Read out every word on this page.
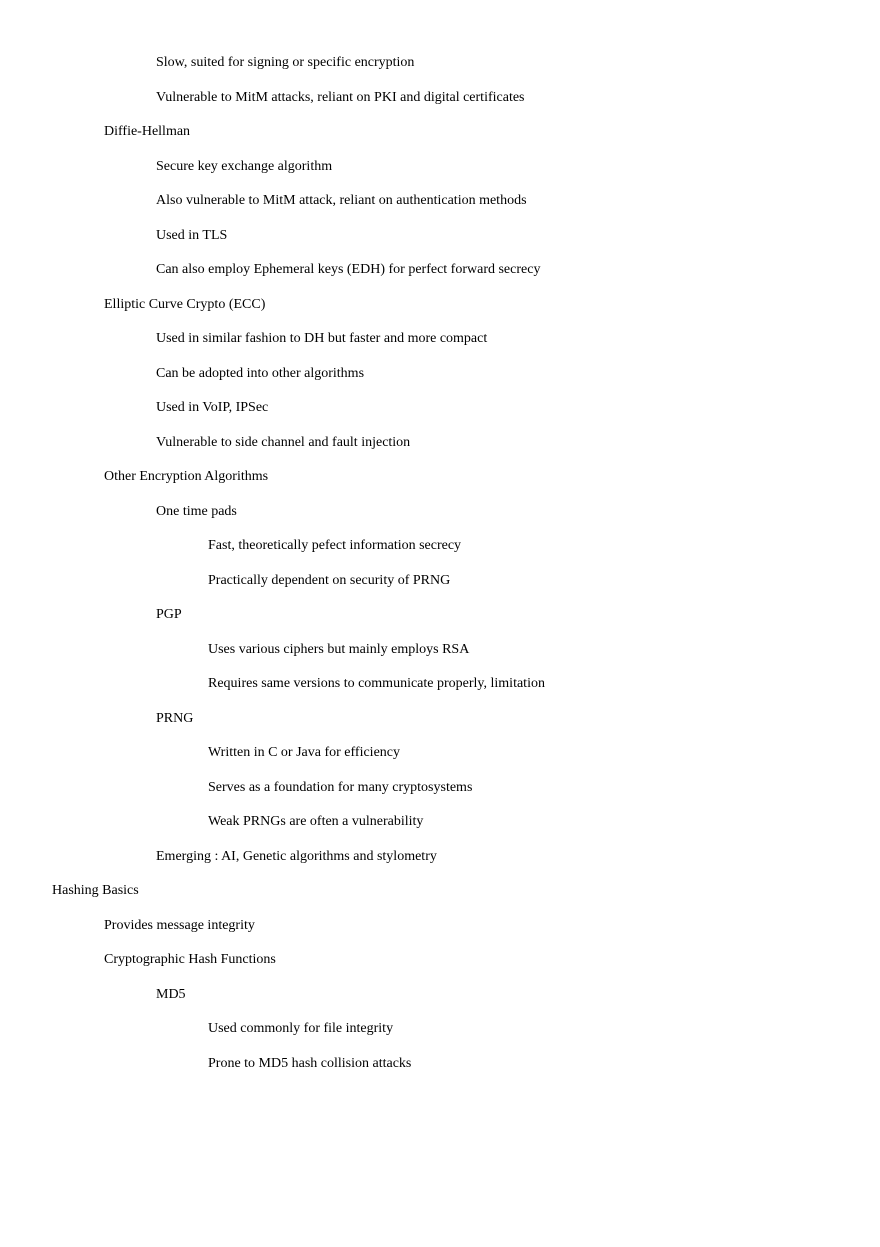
Slow, suited for signing or specific encryption
Vulnerable to MitM attacks, reliant on PKI and digital certificates
Diffie-Hellman
Secure key exchange algorithm
Also vulnerable to MitM attack, reliant on authentication methods
Used in TLS
Can also employ Ephemeral keys (EDH) for perfect forward secrecy
Elliptic Curve Crypto (ECC)
Used in similar fashion to DH but faster and more compact
Can be adopted into other algorithms
Used in VoIP, IPSec
Vulnerable to side channel and fault injection
Other Encryption Algorithms
One time pads
Fast, theoretically pefect information secrecy
Practically dependent on security of PRNG
PGP
Uses various ciphers but mainly employs RSA
Requires same versions to communicate properly, limitation
PRNG
Written in C or Java for efficiency
Serves as a foundation for many cryptosystems
Weak PRNGs are often a vulnerability
Emerging : AI, Genetic algorithms and stylometry
Hashing Basics
Provides message integrity
Cryptographic Hash Functions
MD5
Used commonly for file integrity
Prone to MD5 hash collision attacks
